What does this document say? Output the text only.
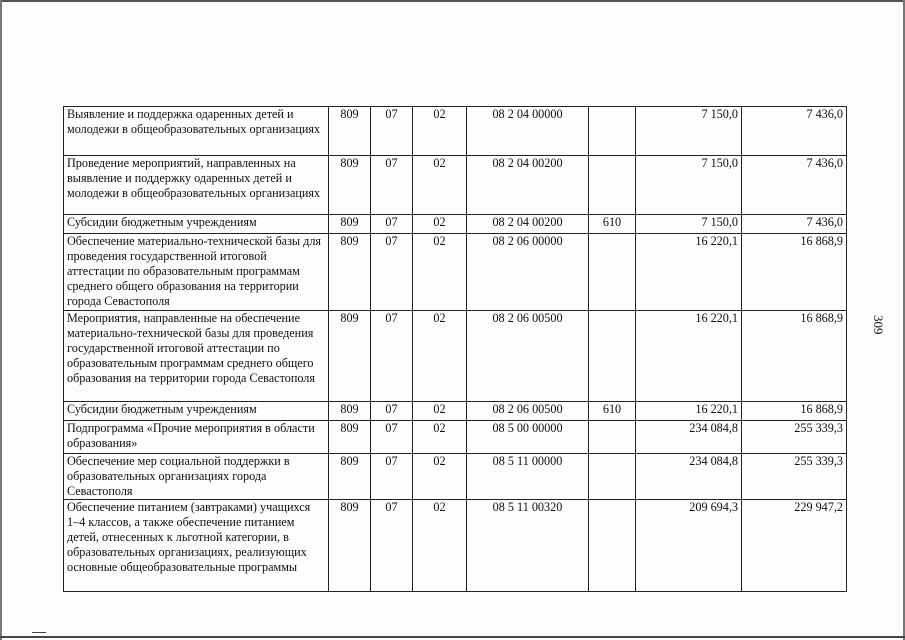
Выявление и поддержка одаренных детей и молодежи в общеобразовательных организациях	809	07	02	08 2 04 00000		7 150,0	7 436,0
Проведение мероприятий, направленных на выявление и поддержку одаренных детей и молодежи в общеобразовательных организациях	809	07	02	08 2 04 00200		7 150,0	7 436,0
Субсидии бюджетным учреждениям	809	07	02	08 2 04 00200	610	7 150,0	7 436,0
Обеспечение материально-технической базы для проведения государственной итоговой аттестации по образовательным программам среднего общего образования на территории города Севастополя	809	07	02	08 2 06 00000		16 220,1	16 868,9
Мероприятия, направленные на обеспечение материально-технической базы для проведения государственной итоговой аттестации по образовательным программам среднего общего образования на территории города Севастополя	809	07	02	08 2 06 00500		16 220,1	16 868,9
Субсидии бюджетным учреждениям	809	07	02	08 2 06 00500	610	16 220,1	16 868,9
Подпрограмма «Прочие мероприятия в области образования»	809	07	02	08 5 00 00000		234 084,8	255 339,3
Обеспечение мер социальной поддержки в образовательных организациях города Севастополя	809	07	02	08 5 11 00000		234 084,8	255 339,3
Обеспечение питанием (завтраками) учащихся 1–4 классов, а также обеспечение питанием детей, отнесенных к льготной категории, в образовательных организациях, реализующих основные общеобразовательные программы	809	07	02	08 5 11 00320		209 694,3	229 947,2
309
